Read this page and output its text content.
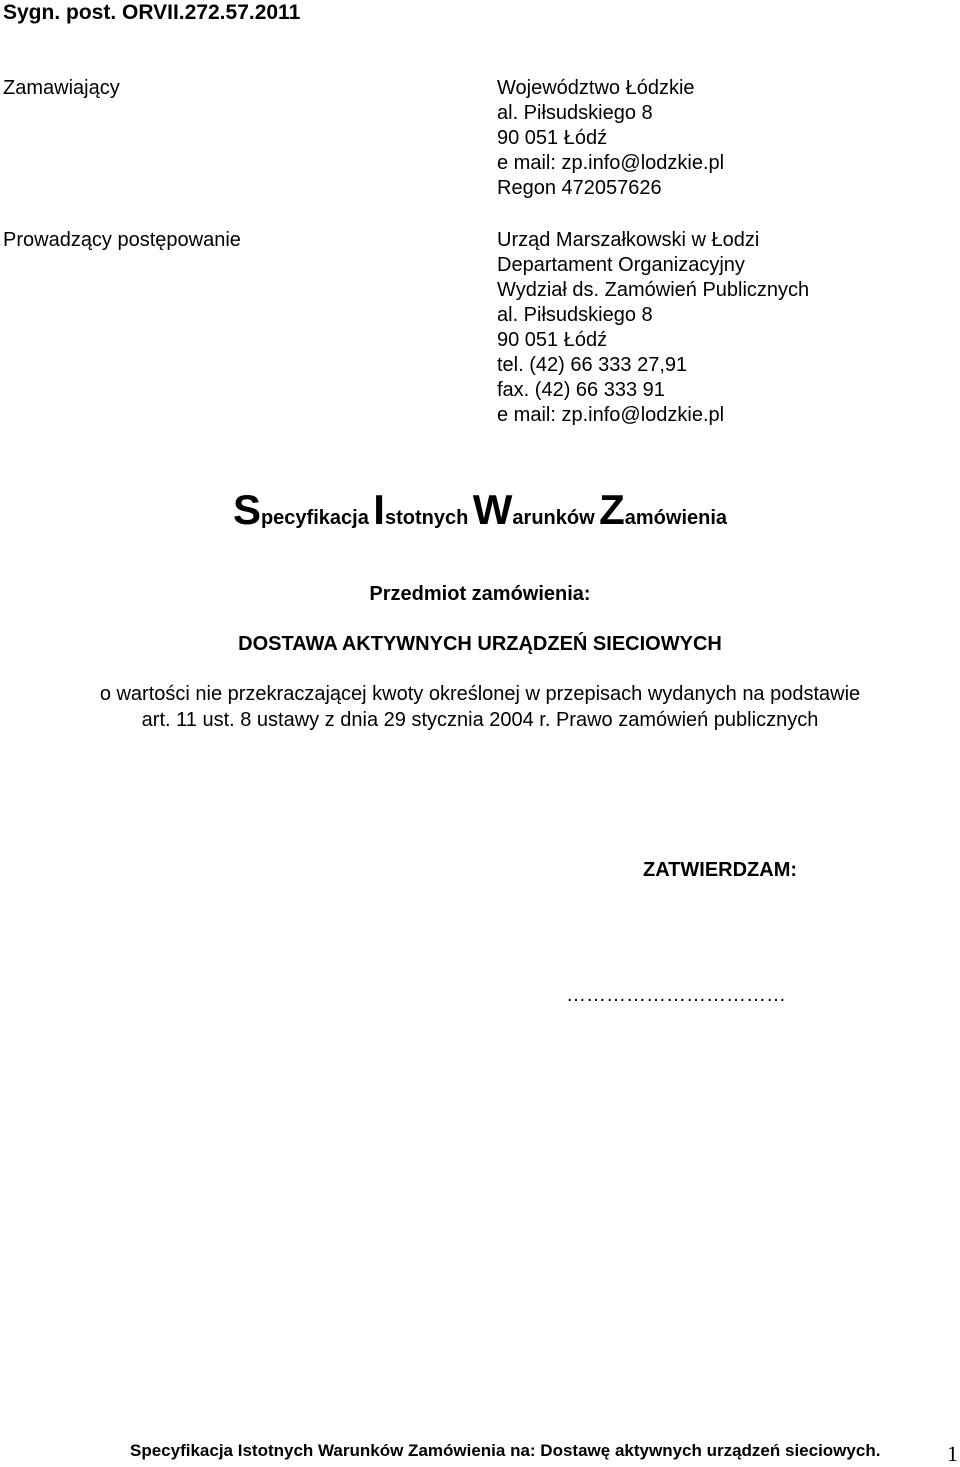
Sygn. post. ORVII.272.57.2011
Zamawiający	Województwo Łódzkie
al. Piłsudskiego 8
90 051 Łódź
e mail: zp.info@lodzkie.pl
Regon 472057626
Prowadzący postępowanie	Urząd Marszałkowski w Łodzi
Departament Organizacyjny
Wydział ds. Zamówień Publicznych
al. Piłsudskiego 8
90 051 Łódź
tel. (42) 66 333 27,91
fax. (42) 66 333 91
e mail: zp.info@lodzkie.pl
Specyfikacja Istotnych Warunków Zamówienia
Przedmiot zamówienia:
DOSTAWA AKTYWNYCH URZĄDZEŃ SIECIOWYCH
o wartości nie przekraczającej kwoty określonej w przepisach wydanych na podstawie
art. 11 ust. 8 ustawy z dnia 29 stycznia 2004 r. Prawo zamówień publicznych
ZATWIERDZAM:
……………………………
Specyfikacja Istotnych Warunków Zamówienia na: Dostawę aktywnych urządzeń sieciowych.	1
